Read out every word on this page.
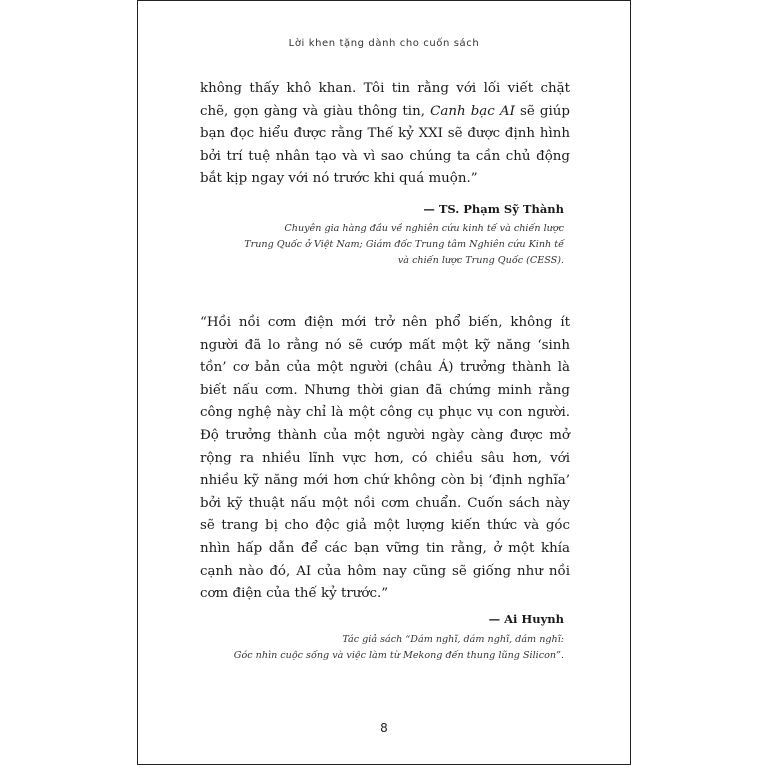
Lời khen tặng dành cho cuốn sách
không thấy khô khan. Tôi tin rằng với lối viết chặt
chẽ, gọn gàng và giàu thông tin, Canh bạc AI sẽ giúp
bạn đọc hiểu được rằng Thế kỷ XXI sẽ được định hình
bởi trí tuệ nhân tạo và vì sao chúng ta cần chủ động
bắt kịp ngay với nó trước khi quá muộn.”
— TS. Phạm Sỹ Thành
Chuyên gia hàng đầu về nghiên cứu kinh tế và chiến lược
Trung Quốc ở Việt Nam; Giám đốc Trung tâm Nghiên cứu Kinh tế
và chiến lược Trung Quốc (CESS).
“Hồi nồi cơm điện mới trở nên phổ biến, không ít
người đã lo rằng nó sẽ cướp mất một kỹ năng ‘sinh
tồn’ cơ bản của một người (châu Á) trưởng thành là
biết nấu cơm. Nhưng thời gian đã chứng minh rằng
công nghệ này chỉ là một công cụ phục vụ con người.
Độ trưởng thành của một người ngày càng được mở
rộng ra nhiều lĩnh vực hơn, có chiều sâu hơn, với
nhiều kỹ năng mới hơn chứ không còn bị ‘định nghĩa’
bởi kỹ thuật nấu một nồi cơm chuẩn. Cuốn sách này
sẽ trang bị cho độc giả một lượng kiến thức và góc
nhìn hấp dẫn để các bạn vững tin rằng, ở một khía
cạnh nào đó, AI của hôm nay cũng sẽ giống như nồi
cơm điện của thế kỷ trước.”
— Ai Huynh
Tác giả sách “Dám nghĩ, dám nghĩ, dám nghĩ:
Góc nhìn cuộc sống và việc làm từ Mekong đến thung lũng Silicon”.
8
